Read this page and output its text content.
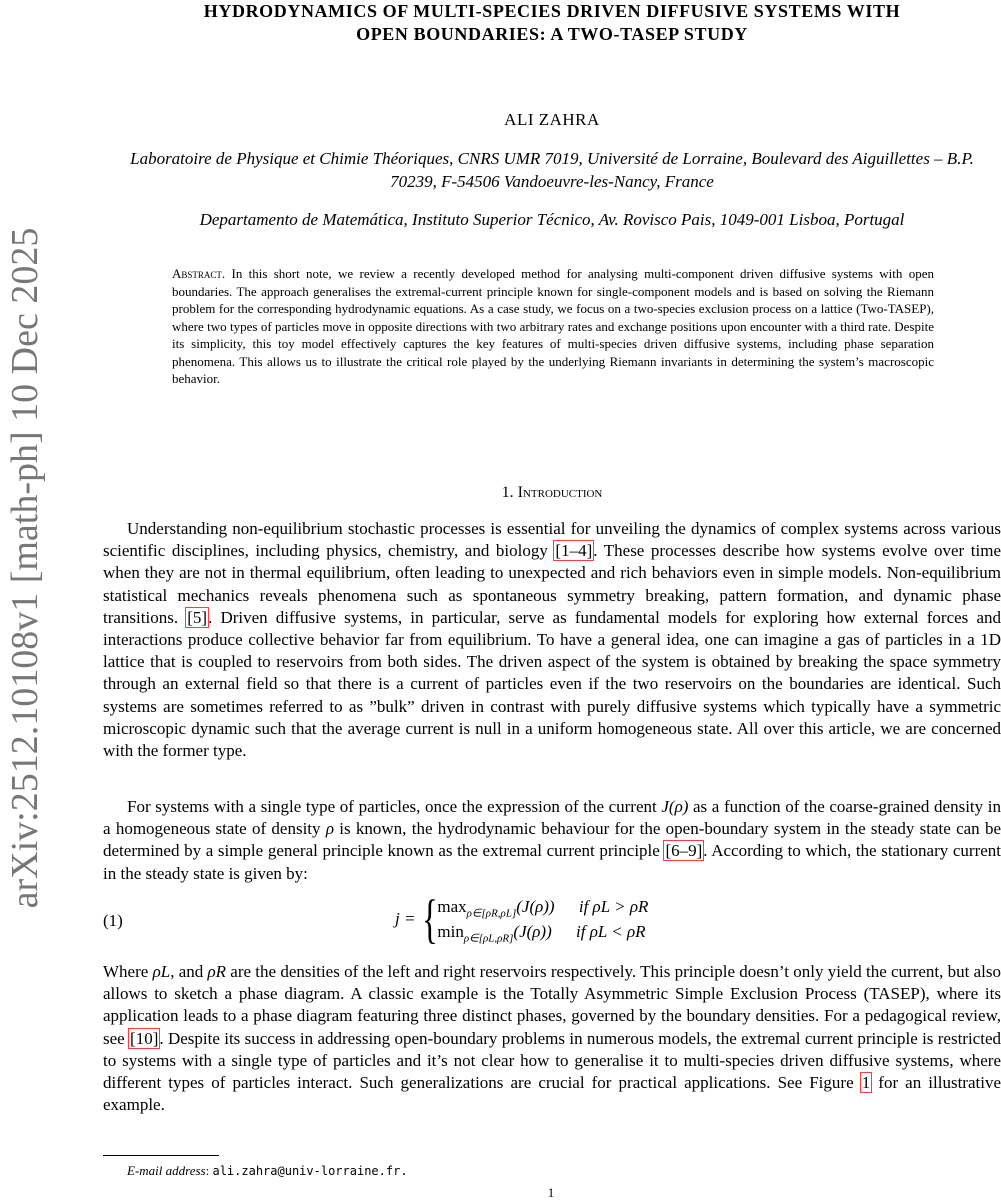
arXiv:2512.10108v1 [math-ph] 10 Dec 2025
HYDRODYNAMICS OF MULTI-SPECIES DRIVEN DIFFUSIVE SYSTEMS WITH
OPEN BOUNDARIES: A TWO-TASEP STUDY
ALI ZAHRA
Laboratoire de Physique et Chimie Théoriques, CNRS UMR 7019, Université de Lorraine, Boulevard des Aiguillettes – B.P. 70239, F-54506 Vandoeuvre-les-Nancy, France
Departamento de Matemática, Instituto Superior Técnico, Av. Rovisco Pais, 1049-001 Lisboa, Portugal
Abstract. In this short note, we review a recently developed method for analysing multi-component driven diffusive systems with open boundaries. The approach generalises the extremal-current principle known for single-component models and is based on solving the Riemann problem for the corresponding hydrodynamic equations. As a case study, we focus on a two-species exclusion process on a lattice (Two-TASEP), where two types of particles move in opposite directions with two arbitrary rates and exchange positions upon encounter with a third rate. Despite its simplicity, this toy model effectively captures the key features of multi-species driven diffusive systems, including phase separation phenomena. This allows us to illustrate the critical role played by the underlying Riemann invariants in determining the system’s macroscopic behavior.
1. Introduction
Understanding non-equilibrium stochastic processes is essential for unveiling the dynamics of complex systems across various scientific disciplines, including physics, chemistry, and biology [1–4]. These processes describe how systems evolve over time when they are not in thermal equilibrium, often leading to unexpected and rich behaviors even in simple models. Non-equilibrium statistical mechanics reveals phenomena such as spontaneous symmetry breaking, pattern formation, and dynamic phase transitions. [5]. Driven diffusive systems, in particular, serve as fundamental models for exploring how external forces and interactions produce collective behavior far from equilibrium. To have a general idea, one can imagine a gas of particles in a 1D lattice that is coupled to reservoirs from both sides. The driven aspect of the system is obtained by breaking the space symmetry through an external field so that there is a current of particles even if the two reservoirs on the boundaries are identical. Such systems are sometimes referred to as ”bulk” driven in contrast with purely diffusive systems which typically have a symmetric microscopic dynamic such that the average current is null in a uniform homogeneous state. All over this article, we are concerned with the former type.
For systems with a single type of particles, once the expression of the current J(ρ) as a function of the coarse-grained density in a homogeneous state of density ρ is known, the hydrodynamic behaviour for the open-boundary system in the steady state can be determined by a simple general principle known as the extremal current principle [6–9]. According to which, the stationary current in the steady state is given by:
(1)	j = { $\max_{\rho\in[\rho R,\rho L]}(J(\rho))$ if ρL > ρR
$\min_{\rho\in[\rho L,\rho R]}(J(\rho))$ if ρL < ρR
Where ρL, and ρR are the densities of the left and right reservoirs respectively. This principle doesn’t only yield the current, but also allows to sketch a phase diagram. A classic example is the Totally Asymmetric Simple Exclusion Process (TASEP), where its application leads to a phase diagram featuring three distinct phases, governed by the boundary densities. For a pedagogical review, see [10]. Despite its success in addressing open-boundary problems in numerous models, the extremal current principle is restricted to systems with a single type of particles and it’s not clear how to generalise it to multi-species driven diffusive systems, where different types of particles interact. Such generalizations are crucial for practical applications. See Figure 1 for an illustrative example.
E-mail address: ali.zahra@univ-lorraine.fr.
1
